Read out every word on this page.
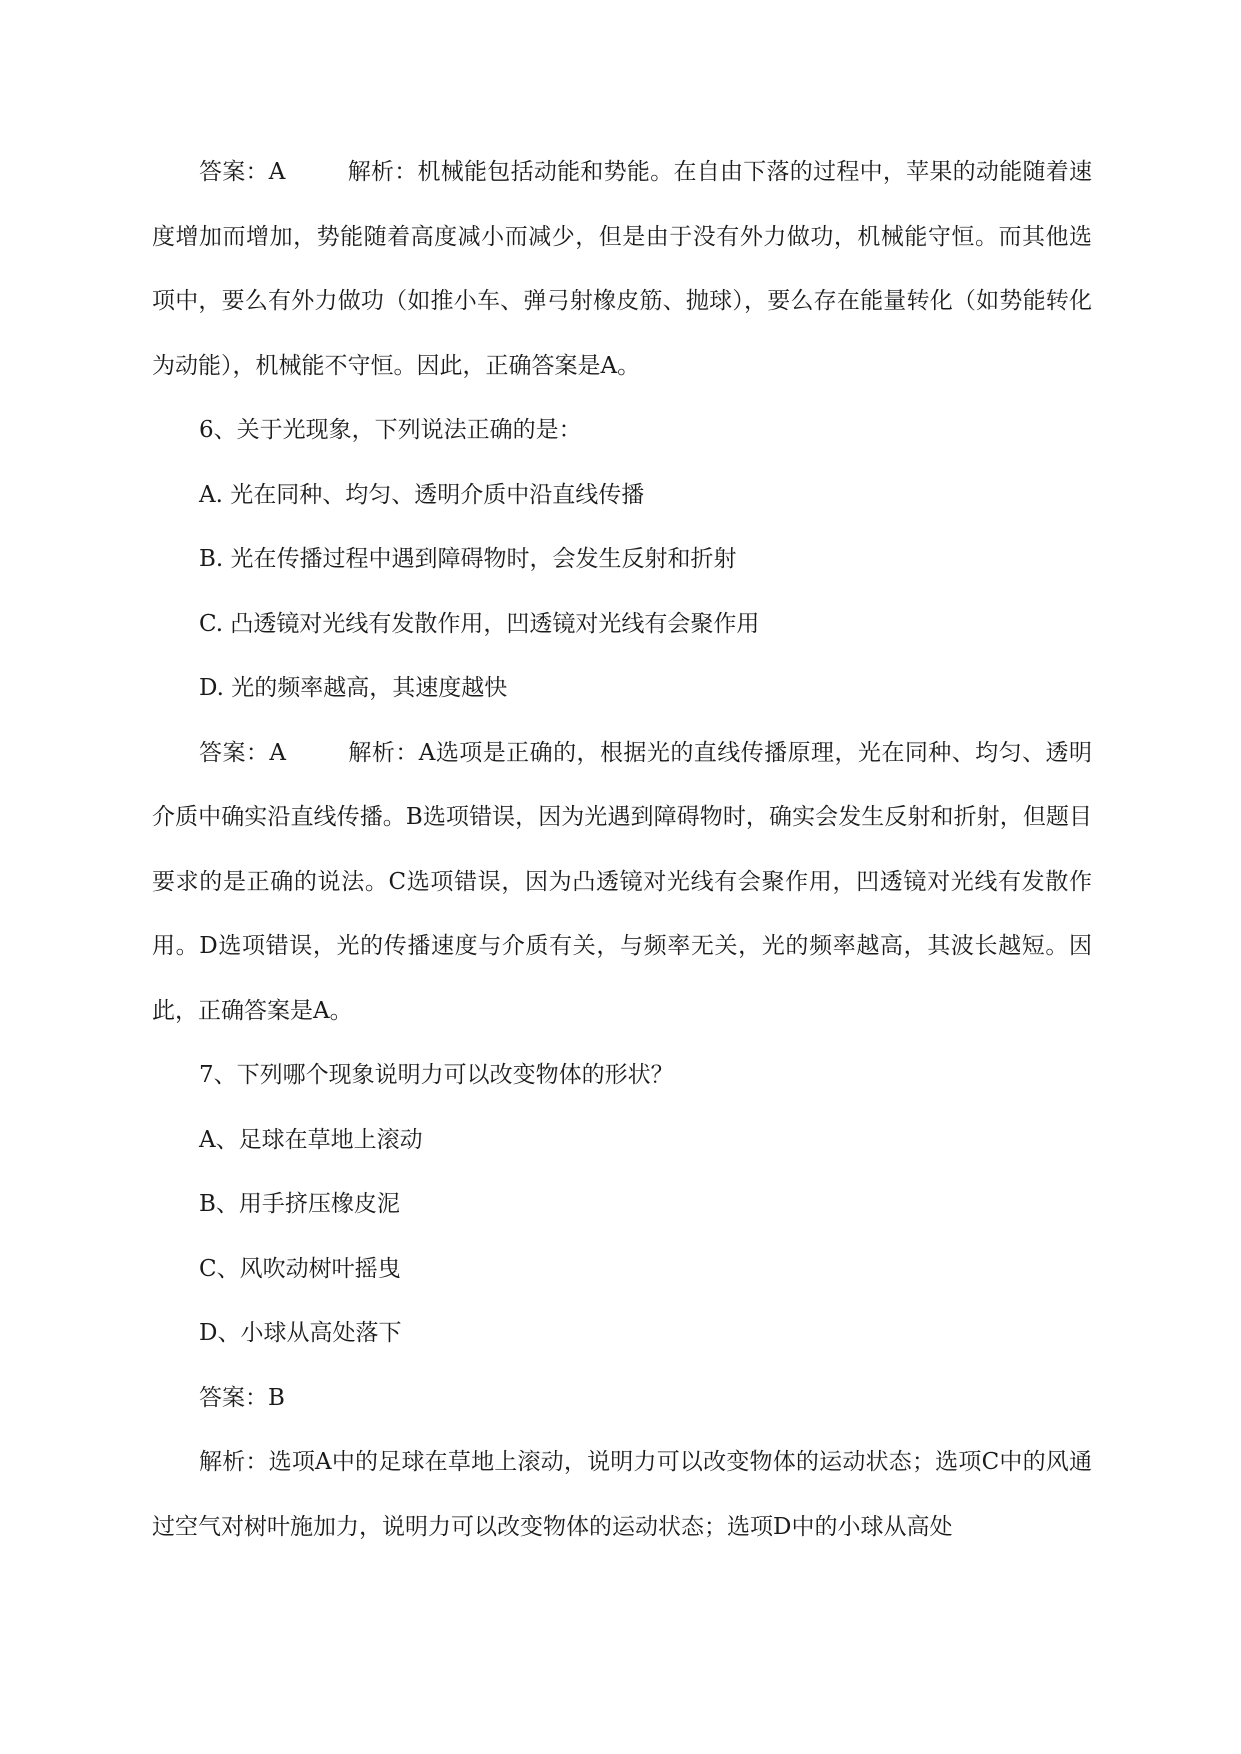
答案：A	解析：机械能包括动能和势能。在自由下落的过程中，苹果的动能随着速度增加而增加，势能随着高度减小而减少，但是由于没有外力做功，机械能守恒。而其他选项中，要么有外力做功（如推小车、弹弓射橡皮筋、抛球），要么存在能量转化（如势能转化为动能），机械能不守恒。因此，正确答案是A。

6、关于光现象，下列说法正确的是：

A. 光在同种、均匀、透明介质中沿直线传播

B. 光在传播过程中遇到障碍物时，会发生反射和折射

C. 凸透镜对光线有发散作用，凹透镜对光线有会聚作用

D. 光的频率越高，其速度越快

答案：A	解析：A选项是正确的，根据光的直线传播原理，光在同种、均匀、透明介质中确实沿直线传播。B选项错误，因为光遇到障碍物时，确实会发生反射和折射，但题目要求的是正确的说法。C选项错误，因为凸透镜对光线有会聚作用，凹透镜对光线有发散作用。D选项错误，光的传播速度与介质有关，与频率无关，光的频率越高，其波长越短。因此，正确答案是A。

7、下列哪个现象说明力可以改变物体的形状？

A、足球在草地上滚动

B、用手挤压橡皮泥

C、风吹动树叶摇曳

D、小球从高处落下

答案：B

解析：选项A中的足球在草地上滚动，说明力可以改变物体的运动状态；选项C中的风通过空气对树叶施加力，说明力可以改变物体的运动状态；选项D中的小球从高处
